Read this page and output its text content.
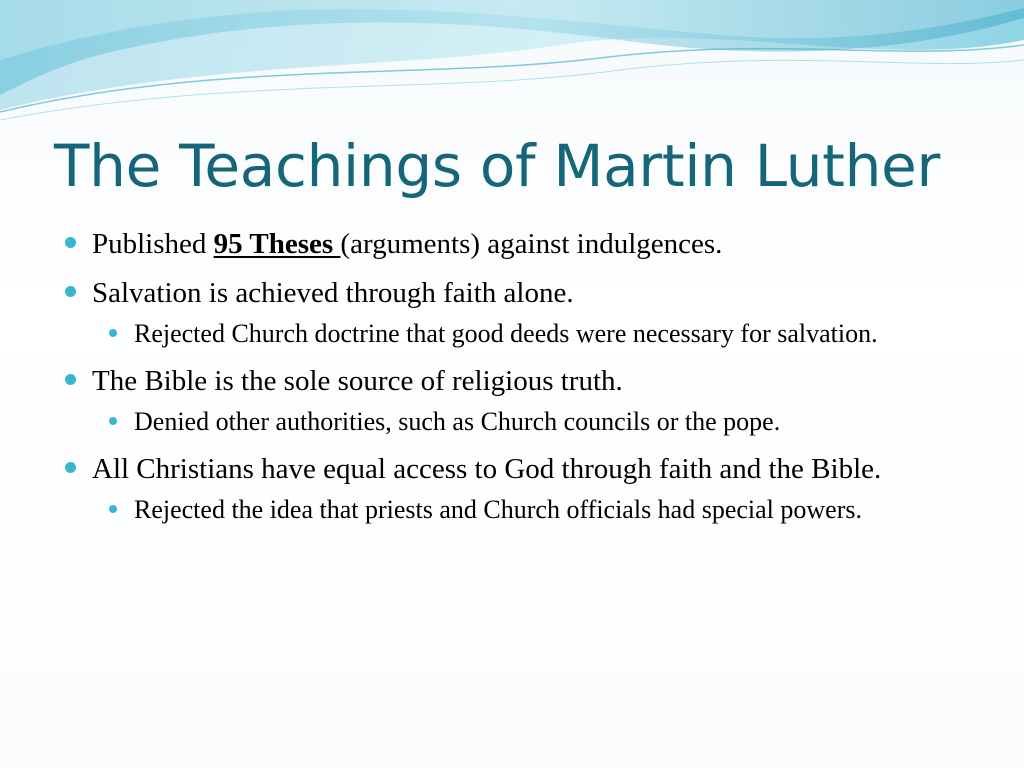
The Teachings of Martin Luther
Published 95 Theses (arguments) against indulgences.
Salvation is achieved through faith alone.
Rejected Church doctrine that good deeds were necessary for salvation.
The Bible is the sole source of religious truth.
Denied other authorities, such as Church councils or the pope.
All Christians have equal access to God through faith and the Bible.
Rejected the idea that priests and Church officials had special powers.
